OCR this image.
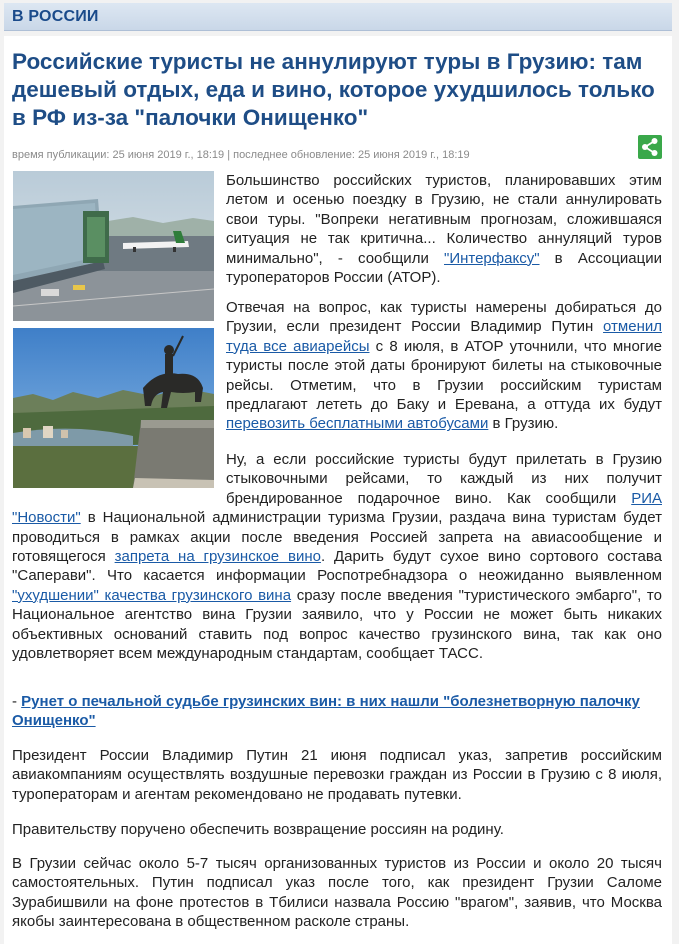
В РОССИИ
Российские туристы не аннулируют туры в Грузию: там дешевый отдых, еда и вино, которое ухудшилось только в РФ из-за "палочки Онищенко"
время публикации: 25 июня 2019 г., 18:19 | последнее обновление: 25 июня 2019 г., 18:19

Большинство российских туристов, планировавших этим летом и осенью поездку в Грузию, не стали аннулировать свои туры. "Вопреки негативным прогнозам, сложившаяся ситуация не так критична... Количество аннуляций туров минимально", - сообщили "Интерфаксу" в Ассоциации туроператоров России (АТОР).

Отвечая на вопрос, как туристы намерены добираться до Грузии, если президент России Владимир Путин отменил туда все авиарейсы с 8 июля, в АТОР уточнили, что многие туристы после этой даты бронируют билеты на стыковочные рейсы. Отметим, что в Грузии российским туристам предлагают лететь до Баку и Еревана, а оттуда их будут перевозить бесплатными автобусами в Грузию.

Ну, а если российские туристы будут прилетать в Грузию стыковочными рейсами, то каждый из них получит брендированное подарочное вино. Как сообщили РИА "Новости" в Национальной администрации туризма Грузии, раздача вина туристам будет проводиться в рамках акции после введения Россией запрета на авиасообщение и готовящегося запрета на грузинское вино. Дарить будут сухое вино сортового состава "Саперави". Что касается информации Роспотребнадзора о неожиданно выявленном "ухудшении" качества грузинского вина сразу после введения "туристического эмбарго", то Национальное агентство вина Грузии заявило, что у России не может быть никаких объективных оснований ставить под вопрос качество грузинского вина, так как оно удовлетворяет всем международным стандартам, сообщает ТАСС.

- Рунет о печальной судьбе грузинских вин: в них нашли "болезнетворную палочку Онищенко"

Президент России Владимир Путин 21 июня подписал указ, запретив российским авиакомпаниям осуществлять воздушные перевозки граждан из России в Грузию с 8 июля, туроператорам и агентам рекомендовано не продавать путевки.

Правительству поручено обеспечить возвращение россиян на родину.

В Грузии сейчас около 5-7 тысяч организованных туристов из России и около 20 тысяч самостоятельных. Путин подписал указ после того, как президент Грузии Саломе Зурабишвили на фоне протестов в Тбилиси назвала Россию "врагом", заявив, что Москва якобы заинтересована в общественном расколе страны.
